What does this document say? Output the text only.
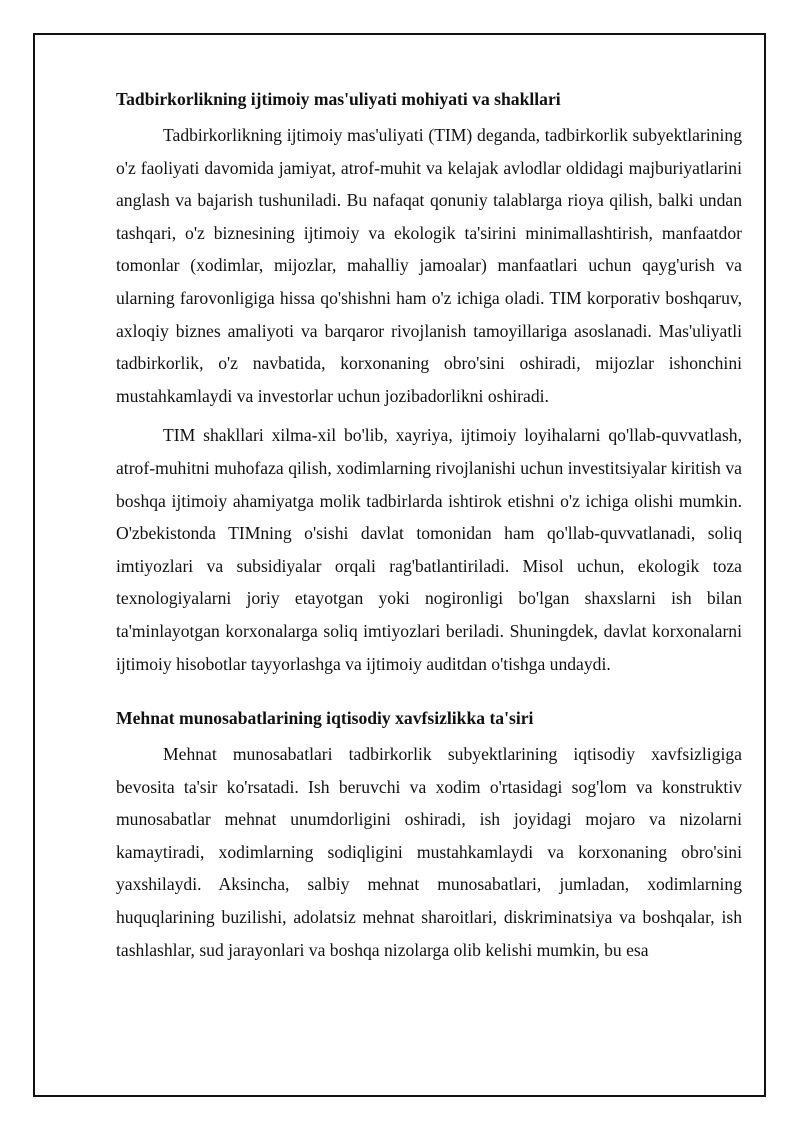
Tadbirkorlikning ijtimoiy mas'uliyati mohiyati va shakllari

Tadbirkorlikning ijtimoiy mas'uliyati (TIM) deganda, tadbirkorlik subyektlarining o'z faoliyati davomida jamiyat, atrof-muhit va kelajak avlodlar oldidagi majburiyatlarini anglash va bajarish tushuniladi. Bu nafaqat qonuniy talablarga rioya qilish, balki undan tashqari, o'z biznesining ijtimoiy va ekologik ta'sirini minimallashtirish, manfaatdor tomonlar (xodimlar, mijozlar, mahalliy jamoalar) manfaatlari uchun qayg'urish va ularning farovonligiga hissa qo'shishni ham o'z ichiga oladi. TIM korporativ boshqaruv, axloqiy biznes amaliyoti va barqaror rivojlanish tamoyillariga asoslanadi. Mas'uliyatli tadbirkorlik, o'z navbatida, korxonaning obro'sini oshiradi, mijozlar ishonchini mustahkamlaydi va investorlar uchun jozibadorlikni oshiradi.

TIM shakllari xilma-xil bo'lib, xayriya, ijtimoiy loyihalarni qo'llab-quvvatlash, atrof-muhitni muhofaza qilish, xodimlarning rivojlanishi uchun investitsiyalar kiritish va boshqa ijtimoiy ahamiyatga molik tadbirlarda ishtirok etishni o'z ichiga olishi mumkin. O'zbekistonda TIMning o'sishi davlat tomonidan ham qo'llab-quvvatlanadi, soliq imtiyozlari va subsidiyalar orqali rag'batlantiriladi. Misol uchun, ekologik toza texnologiyalarni joriy etayotgan yoki nogironligi bo'lgan shaxslarni ish bilan ta'minlayotgan korxonalarga soliq imtiyozlari beriladi. Shuningdek, davlat korxonalarni ijtimoiy hisobotlar tayyorlashga va ijtimoiy auditdan o'tishga undaydi.

Mehnat munosabatlarining iqtisodiy xavfsizlikka ta'siri

Mehnat munosabatlari tadbirkorlik subyektlarining iqtisodiy xavfsizligiga bevosita ta'sir ko'rsatadi. Ish beruvchi va xodim o'rtasidagi sog'lom va konstruktiv munosabatlar mehnat unumdorligini oshiradi, ish joyidagi mojaro va nizolarni kamaytiradi, xodimlarning sodiqligini mustahkamlaydi va korxonaning obro'sini yaxshilaydi. Aksincha, salbiy mehnat munosabatlari, jumladan, xodimlarning huquqlarining buzilishi, adolatsiz mehnat sharoitlari, diskriminatsiya va boshqalar, ish tashlashlar, sud jarayonlari va boshqa nizolarga olib kelishi mumkin, bu esa
